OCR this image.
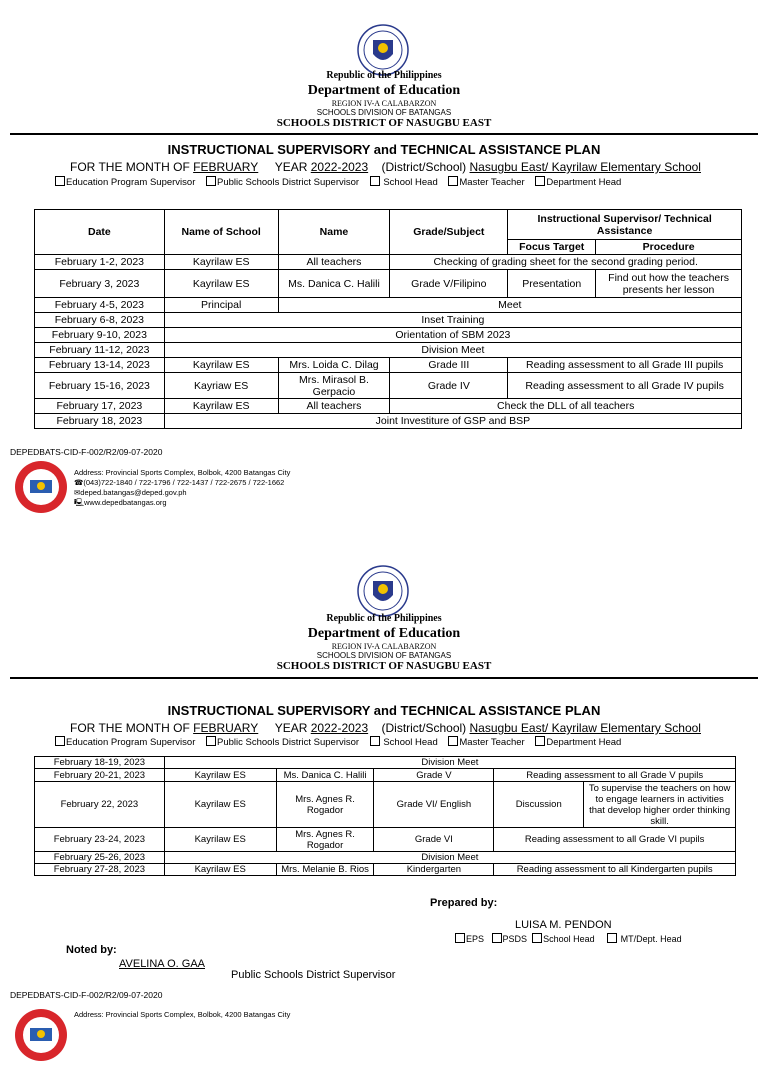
Republic of the Philippines
Department of Education
REGION IV-A CALABARZON
SCHOOLS DIVISION OF BATANGAS
SCHOOLS DISTRICT OF NASUGBU EAST
INSTRUCTIONAL SUPERVISORY and TECHNICAL ASSISTANCE PLAN
FOR THE MONTH OF FEBRUARY YEAR 2022-2023 (District/School) Nasugbu East/ Kayrilaw Elementary School
Education Program Supervisor Public Schools District Supervisor	School Head Master Teacher Department Head
Date	Name of School	Name	Grade/Subject	Instructional Supervisor/ Technical Assistance	
				Focus Target	Procedure
February 1-2, 2023	Kayrilaw ES	All teachers	Checking of grading sheet for the second grading period.		
February 3, 2023	Kayrilaw ES	Ms. Danica C. Halili	Grade V/Filipino	Presentation	Find out how the teachers presents her lesson
February 4-5, 2023	Principal	Meet			
February 6-8, 2023	Inset Training				
February 9-10, 2023	Orientation of SBM 2023				
February 11-12, 2023	Division Meet				
February 13-14, 2023	Kayrilaw ES	Mrs. Loida C. Dilag	Grade III	Reading assessment to all Grade III pupils	
February 15-16, 2023	Kayriaw ES	Mrs. Mirasol B. Gerpacio	Grade IV	Reading assessment to all Grade IV pupils	
February 17, 2023	Kayrilaw ES	All teachers	Check the DLL of all teachers		
February 18, 2023	Joint Investiture of GSP and BSP				
DEPEDBATS-CID-F-002/R2/09-07-2020
Address: Provincial Sports Complex, Bolbok, 4200 Batangas City
☎(043)722-1840 / 722-1796 / 722-1437 / 722-2675 / 722-1662
✉deped.batangas@deped.gov.ph
🖳www.depedbatangas.org
Republic of the Philippines
Department of Education
REGION IV-A CALABARZON
SCHOOLS DIVISION OF BATANGAS
SCHOOLS DISTRICT OF NASUGBU EAST
INSTRUCTIONAL SUPERVISORY and TECHNICAL ASSISTANCE PLAN
FOR THE MONTH OF FEBRUARY YEAR 2022-2023 (District/School) Nasugbu East/ Kayrilaw Elementary School
Education Program Supervisor Public Schools District Supervisor	School Head Master Teacher Department Head
February 18-19, 2023	Division Meet				
February 20-21, 2023	Kayrilaw ES	Ms. Danica C. Halili	Grade V	Reading assessment to all Grade V pupils	
February 22, 2023	Kayrilaw ES	Mrs. Agnes R. Rogador	Grade VI/ English	Discussion	To supervise the teachers on how to engage learners in activities that develop higher order thinking skill.
February 23-24, 2023	Kayrilaw ES	Mrs. Agnes R. Rogador	Grade VI	Reading assessment to all Grade VI pupils	
February 25-26, 2023	Division Meet				
February 27-28, 2023	Kayrilaw ES	Mrs. Melanie B. Rios	Kindergarten	Reading assessment to all Kindergarten pupils	
Prepared by:
LUISA M. PENDON
EPS PSDS School Head	MT/Dept. Head
Noted by:
AVELINA O. GAA
Public Schools District Supervisor
DEPEDBATS-CID-F-002/R2/09-07-2020
Address: Provincial Sports Complex, Bolbok, 4200 Batangas City
